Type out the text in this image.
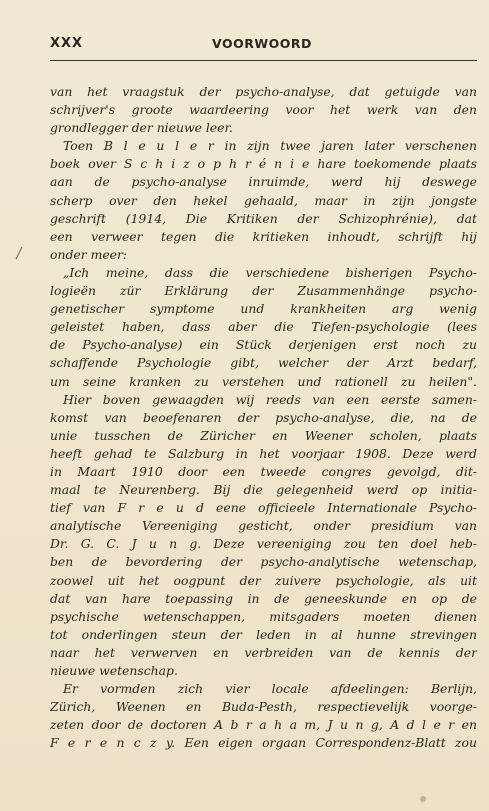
XXX	VOORWOORD
van het vraagstuk der psycho-analyse, dat getuigde van
schrijver's groote waardeering voor het werk van den
grondlegger der nieuwe leer.
Toen B l e u l e r in zijn twee jaren later verschenen
boek over S c h i z o p h r é n i e hare toekomende plaats
aan de psycho-analyse inruimde, werd hij deswege
scherp over den hekel gehaald, maar in zijn jongste
geschrift (1914, Die Kritiken der Schizophrénie), dat
een verweer tegen die kritieken inhoudt, schrijft hij
onder meer:
„Ich meine, dass die verschiedene bisherigen Psycho-
logieën zür Erklärung der Zusammenhänge psycho-
genetischer symptome und krankheiten arg wenig
geleistet haben, dass aber die Tiefen-psychologie (lees
de Psycho-analyse) ein Stück derjenigen erst noch zu
schaffende Psychologie gibt, welcher der Arzt bedarf,
um seine kranken zu verstehen und rationell zu heilen".
Hier boven gewaagden wij reeds van een eerste samen-
komst van beoefenaren der psycho-analyse, die, na de
unie tusschen de Züricher en Weener scholen, plaats
heeft gehad te Salzburg in het voorjaar 1908. Deze werd
in Maart 1910 door een tweede congres gevolgd, dit-
maal te Neurenberg. Bij die gelegenheid werd op initia-
tief van F r e u d eene officieele Internationale Psycho-
analytische Vereeniging gesticht, onder presidium van
Dr. G. C. J u n g. Deze vereeniging zou ten doel heb-
ben de bevordering der psycho-analytische wetenschap,
zoowel uit het oogpunt der zuivere psychologie, als uit
dat van hare toepassing in de geneeskunde en op de
psychische wetenschappen, mitsgaders moeten dienen
tot onderlingen steun der leden in al hunne strevingen
naar het verwerven en verbreiden van de kennis der
nieuwe wetenschap.
Er vormden zich vier locale afdeelingen: Berlijn,
Zürich, Weenen en Buda-Pesth, respectievelijk voorge-
zeten door de doctoren A b r a h a m, J u n g, A d l e r en
F e r e n c z y. Een eigen orgaan Correspondenz-Blatt zou
